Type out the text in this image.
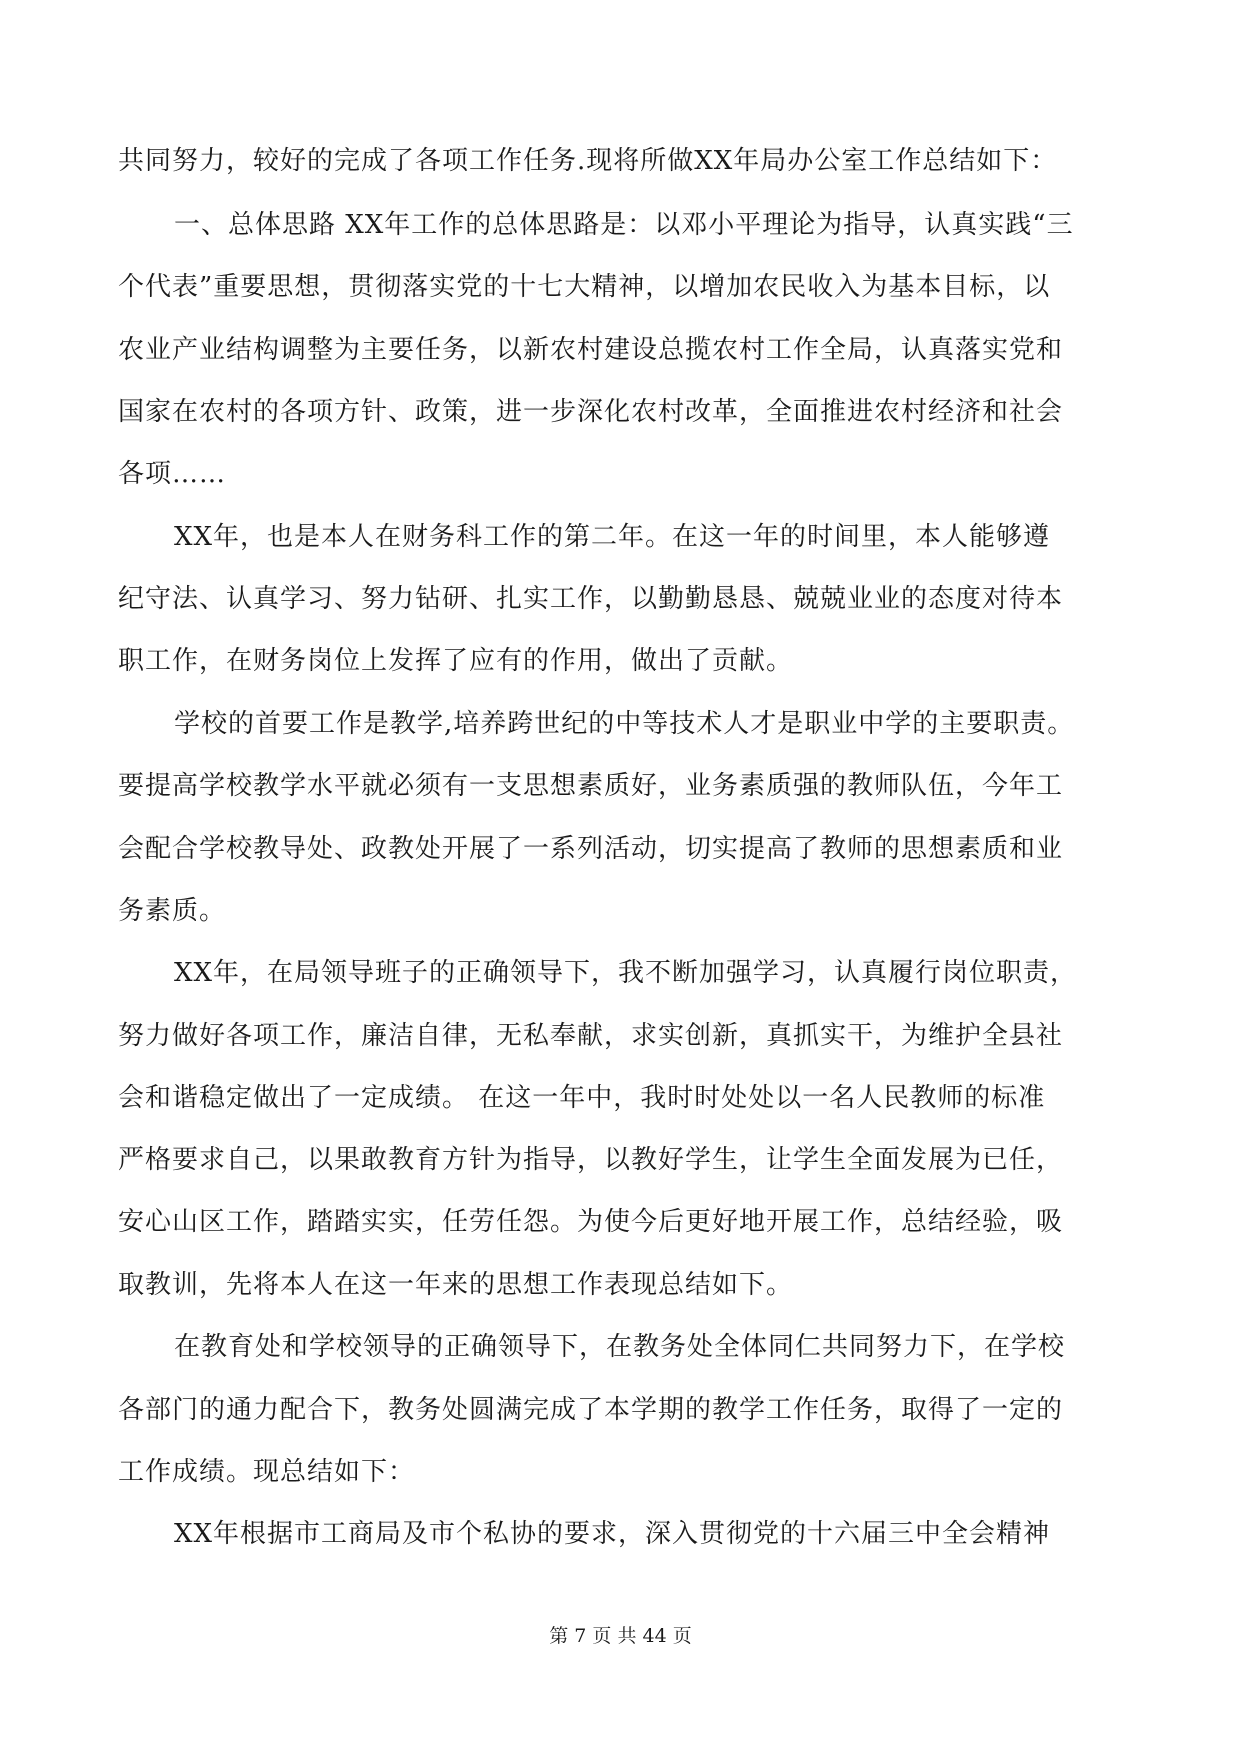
共同努力，较好的完成了各项工作任务.现将所做XX年局办公室工作总结如下：
一、总体思路 XX年工作的总体思路是：以邓小平理论为指导，认真实践“三
个代表”重要思想，贯彻落实党的十七大精神，以增加农民收入为基本目标，以
农业产业结构调整为主要任务，以新农村建设总揽农村工作全局，认真落实党和
国家在农村的各项方针、政策，进一步深化农村改革，全面推进农村经济和社会
各项……
XX年，也是本人在财务科工作的第二年。在这一年的时间里，本人能够遵
纪守法、认真学习、努力钻研、扎实工作，以勤勤恳恳、兢兢业业的态度对待本
职工作，在财务岗位上发挥了应有的作用，做出了贡献。
学校的首要工作是教学,培养跨世纪的中等技术人才是职业中学的主要职责。
要提高学校教学水平就必须有一支思想素质好，业务素质强的教师队伍，今年工
会配合学校教导处、政教处开展了一系列活动，切实提高了教师的思想素质和业
务素质。
XX年，在局领导班子的正确领导下，我不断加强学习，认真履行岗位职责，
努力做好各项工作，廉洁自律，无私奉献，求实创新，真抓实干，为维护全县社
会和谐稳定做出了一定成绩。 在这一年中，我时时处处以一名人民教师的标准
严格要求自己，以果敢教育方针为指导，以教好学生，让学生全面发展为已任，
安心山区工作，踏踏实实，任劳任怨。为使今后更好地开展工作，总结经验，吸
取教训，先将本人在这一年来的思想工作表现总结如下。
在教育处和学校领导的正确领导下，在教务处全体同仁共同努力下，在学校
各部门的通力配合下，教务处圆满完成了本学期的教学工作任务，取得了一定的
工作成绩。现总结如下：
XX年根据市工商局及市个私协的要求，深入贯彻党的十六届三中全会精神
第 7 页 共 44 页
